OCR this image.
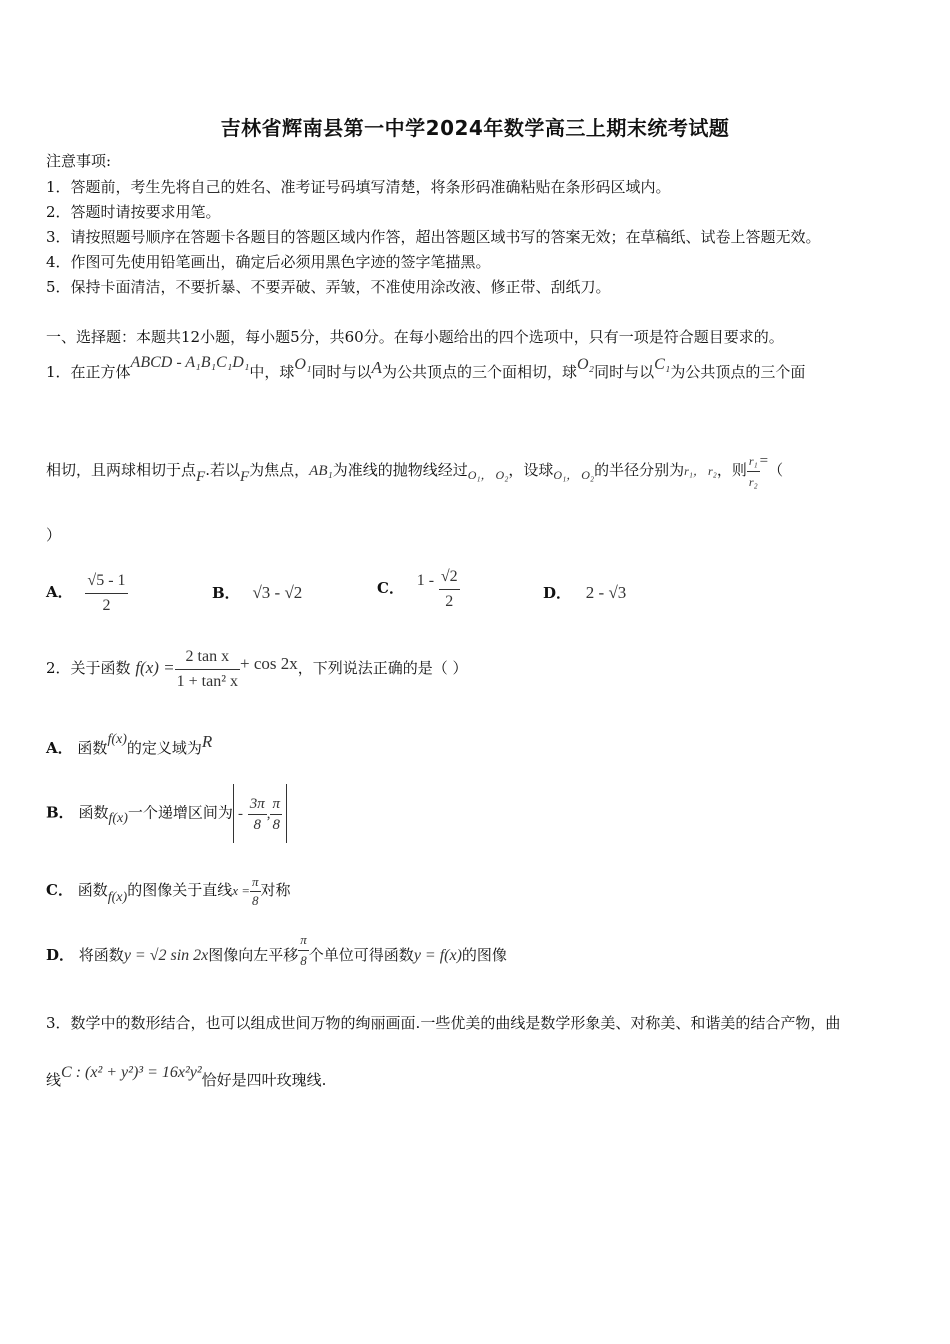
吉林省辉南县第一中学2024年数学高三上期末统考试题
注意事项:
1．答题前，考生先将自己的姓名、准考证号码填写清楚，将条形码准确粘贴在条形码区域内。
2．答题时请按要求用笔。
3．请按照题号顺序在答题卡各题目的答题区域内作答，超出答题区域书写的答案无效；在草稿纸、试卷上答题无效。
4．作图可先使用铅笔画出，确定后必须用黑色字迹的签字笔描黑。
5．保持卡面清洁，不要折暴、不要弄破、弄皱，不准使用涂改液、修正带、刮纸刀。
一、选择题：本题共12小题，每小题5分，共60分。在每小题给出的四个选项中，只有一项是符合题目要求的。
1．在正方体ABCD - A₁B₁C₁D₁中，球O₁同时与以A为公共顶点的三个面相切，球O₂同时与以C₁为公共顶点的三个面
相切，且两球相切于点F.若以F为焦点，AB₁为准线的抛物线经过$_{O_1, O_2}$，设球$_{O_1, O_2}$的半径分别为r₁， r₂，则 $\frac{\text{r₁}}{\text{r₂}}$ =（
）
A． $\frac{√5 - 1}{2}$	B． √3 - √2	C． $1 - \frac{√2}{2}$	D． 2 - √3
2．关于函数 $f(x) = \frac{\text{2 tan x}}{\text{1 + tan² x}} + \cos 2x$，下列说法正确的是（ ）
A． 函数f(x)的定义域为R
B． 函数f(x)一个递增区间为 - $\frac{3\pi}{8}$ , $\frac{\pi}{8}$
C． 函数f(x)的图像关于直线$x = \frac{\pi}{8}$ 对称
D． 将函数y = √2 sin 2x图像向左平移 $\frac{\pi}{8}$ 个单位可得函数y = f(x)的图像
3．数学中的数形结合，也可以组成世间万物的绚丽画面.一些优美的曲线是数学形象美、对称美、和谐美的结合产物，曲
线C : (x² + y²)³ = 16x²y²恰好是四叶玫瑰线.
